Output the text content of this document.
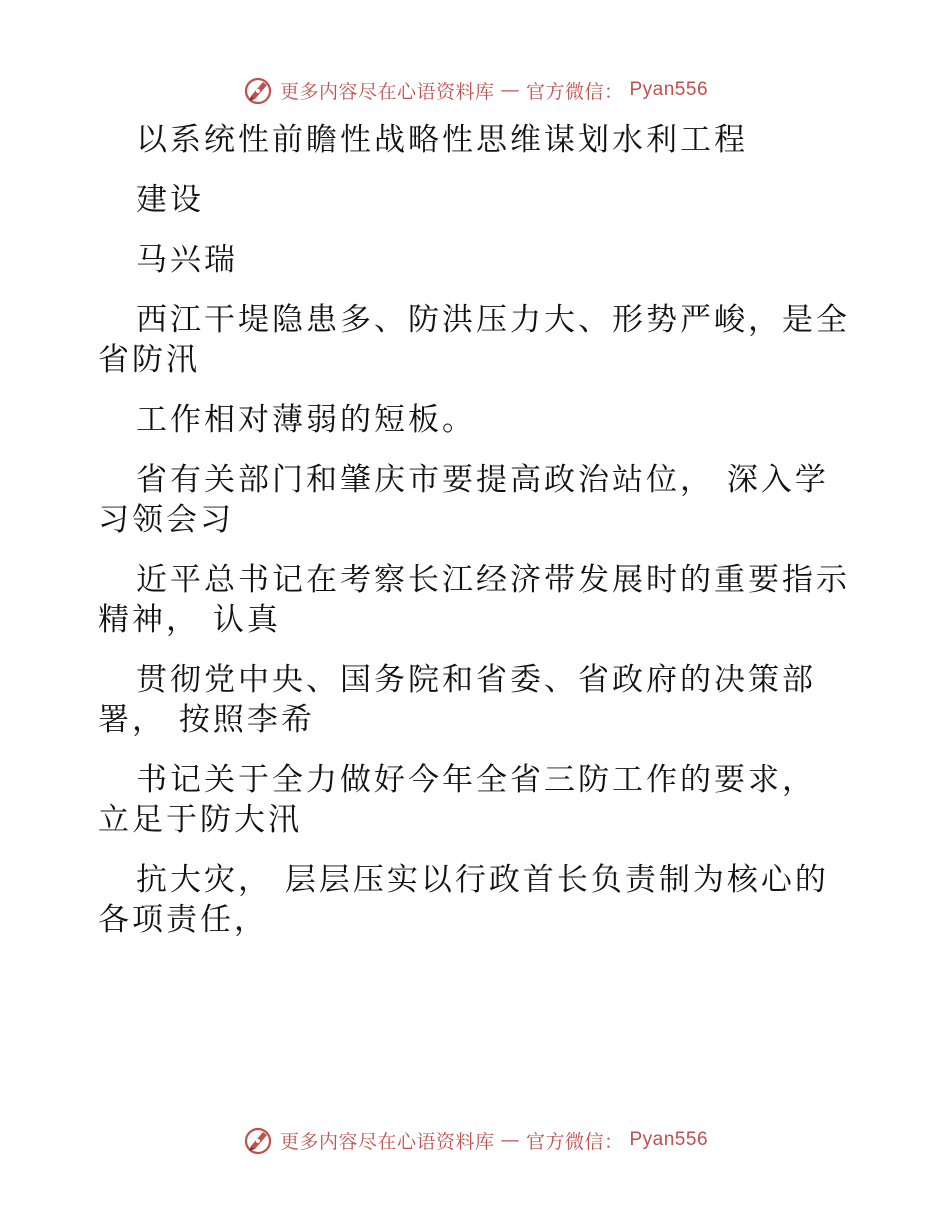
更多内容尽在心语资料库 — 官方微信： Pyan556
以系统性前瞻性战略性思维谋划水利工程
建设
马兴瑞
西江干堤隐患多、防洪压力大、形势严峻，是全
省防汛
工作相对薄弱的短板。
省有关部门和肇庆市要提高政治站位， 深入学
习领会习
近平总书记在考察长江经济带发展时的重要指示
精神， 认真
贯彻党中央、国务院和省委、省政府的决策部
署， 按照李希
书记关于全力做好今年全省三防工作的要求，
立足于防大汛
抗大灾， 层层压实以行政首长负责制为核心的
各项责任，
更多内容尽在心语资料库 — 官方微信： Pyan556
